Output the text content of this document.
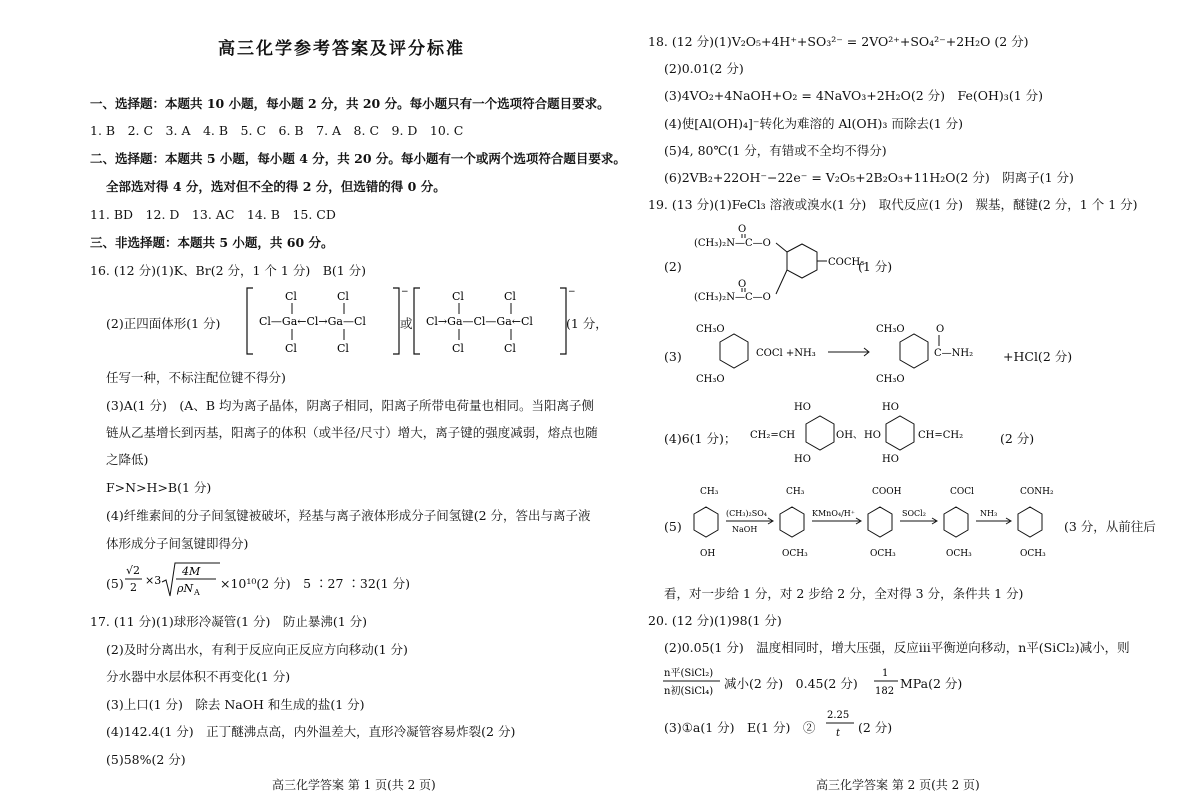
高三化学参考答案及评分标准
一、选择题：本题共 10 小题，每小题 2 分，共 20 分。每小题只有一个选项符合题目要求。
1. B　2. C　3. A　4. B　5. C　6. B　7. A　8. C　9. D　10. C
二、选择题：本题共 5 小题，每小题 4 分，共 20 分。每小题有一个或两个选项符合题目要求。
全部选对得 4 分，选对但不全的得 2 分，但选错的得 0 分。
11. BD　12. D　13. AC　14. B　15. CD
三、非选择题：本题共 5 小题，共 60 分。
16. (12 分)(1)K、Br(2 分，1 个 1 分)　B(1 分)
(2)正四面体形(1 分)
−
Cl	Cl
Cl—Ga←Cl→Ga—Cl
Cl	Cl
或
−
Cl	Cl
Cl→Ga—Cl—Ga←Cl
Cl	Cl
(1 分，
任写一种，不标注配位键不得分)
(3)A(1 分)　(A、B 均为离子晶体，阴离子相同，阳离子所带电荷量也相同。当阳离子侧
链从乙基增长到丙基，阳离子的体积（或半径/尺寸）增大，离子键的强度减弱，熔点也随
之降低)
F>N>H>B(1 分)
(4)纤维素间的分子间氢键被破坏，羟基与离子液体形成分子间氢键(2 分，答出与离子液
体形成分子间氢键即得分)
(5)
√2
2
×3
4M
ρN A
×10¹⁰(2 分)　5 ∶27 ∶32(1 分)
17. (11 分)(1)球形冷凝管(1 分)　防止暴沸(1 分)
(2)及时分离出水，有利于反应向正反应方向移动(1 分)
分水器中水层体积不再变化(1 分)
(3)上口(1 分)　除去 NaOH 和生成的盐(1 分)
(4)142.4(1 分)　正丁醚沸点高，内外温差大，直形冷凝管容易炸裂(2 分)
(5)58%(2 分)
高三化学答案 第 1 页(共 2 页)
18. (12 分)(1)V₂O₅+4H⁺+SO₃²⁻ = 2VO²⁺+SO₄²⁻+2H₂O (2 分)
(2)0.01(2 分)
(3)4VO₂+4NaOH+O₂ = 4NaVO₃+2H₂O(2 分)　Fe(OH)₃(1 分)
(4)使[Al(OH)₄]⁻转化为难溶的 Al(OH)₃ 而除去(1 分)
(5)4, 80℃(1 分，有错或不全均不得分)
(6)2VB₂+22OH⁻−22e⁻ = V₂O₅+2B₂O₃+11H₂O(2 分)　阴离子(1 分)
19. (13 分)(1)FeCl₃ 溶液或溴水(1 分)　取代反应(1 分)　羰基，醚键(2 分，1 个 1 分)
(2)
(CH₃)₂N—C—O
O
COCH₃
(CH₃)₂N—C—O
O
(1 分)
(3)
CH₃O
CH₃O
COCl +NH₃
CH₃O
CH₃O
C—NH₂
O
+HCl(2 分)
(4)6(1 分)； CH₂=CH
HO
HO
OH、
HO
HO
HO
CH=CH₂	(2 分)
(5)
CH₃
OH
(CH₃)₂SO₄
NaOH
CH₃
OCH₃
KMnO₄/H⁺
COOH
OCH₃
SOCl₂
COCl
OCH₃
NH₃
CONH₂
OCH₃
(3 分，从前往后
看，对一步给 1 分，对 2 步给 2 分，全对得 3 分，条件共 1 分)
20. (12 分)(1)98(1 分)
(2)0.05(1 分)　温度相同时，增大压强，反应ⅲ平衡逆向移动，n平(SiCl₂)减小，则
n平(SiCl₂)
n初(SiCl₄)
减小(2 分)　0.45(2 分)
1
182
MPa(2 分)
(3)①a(1 分)　E(1 分)　②
2.25
t (2 分)
高三化学答案 第 2 页(共 2 页)
